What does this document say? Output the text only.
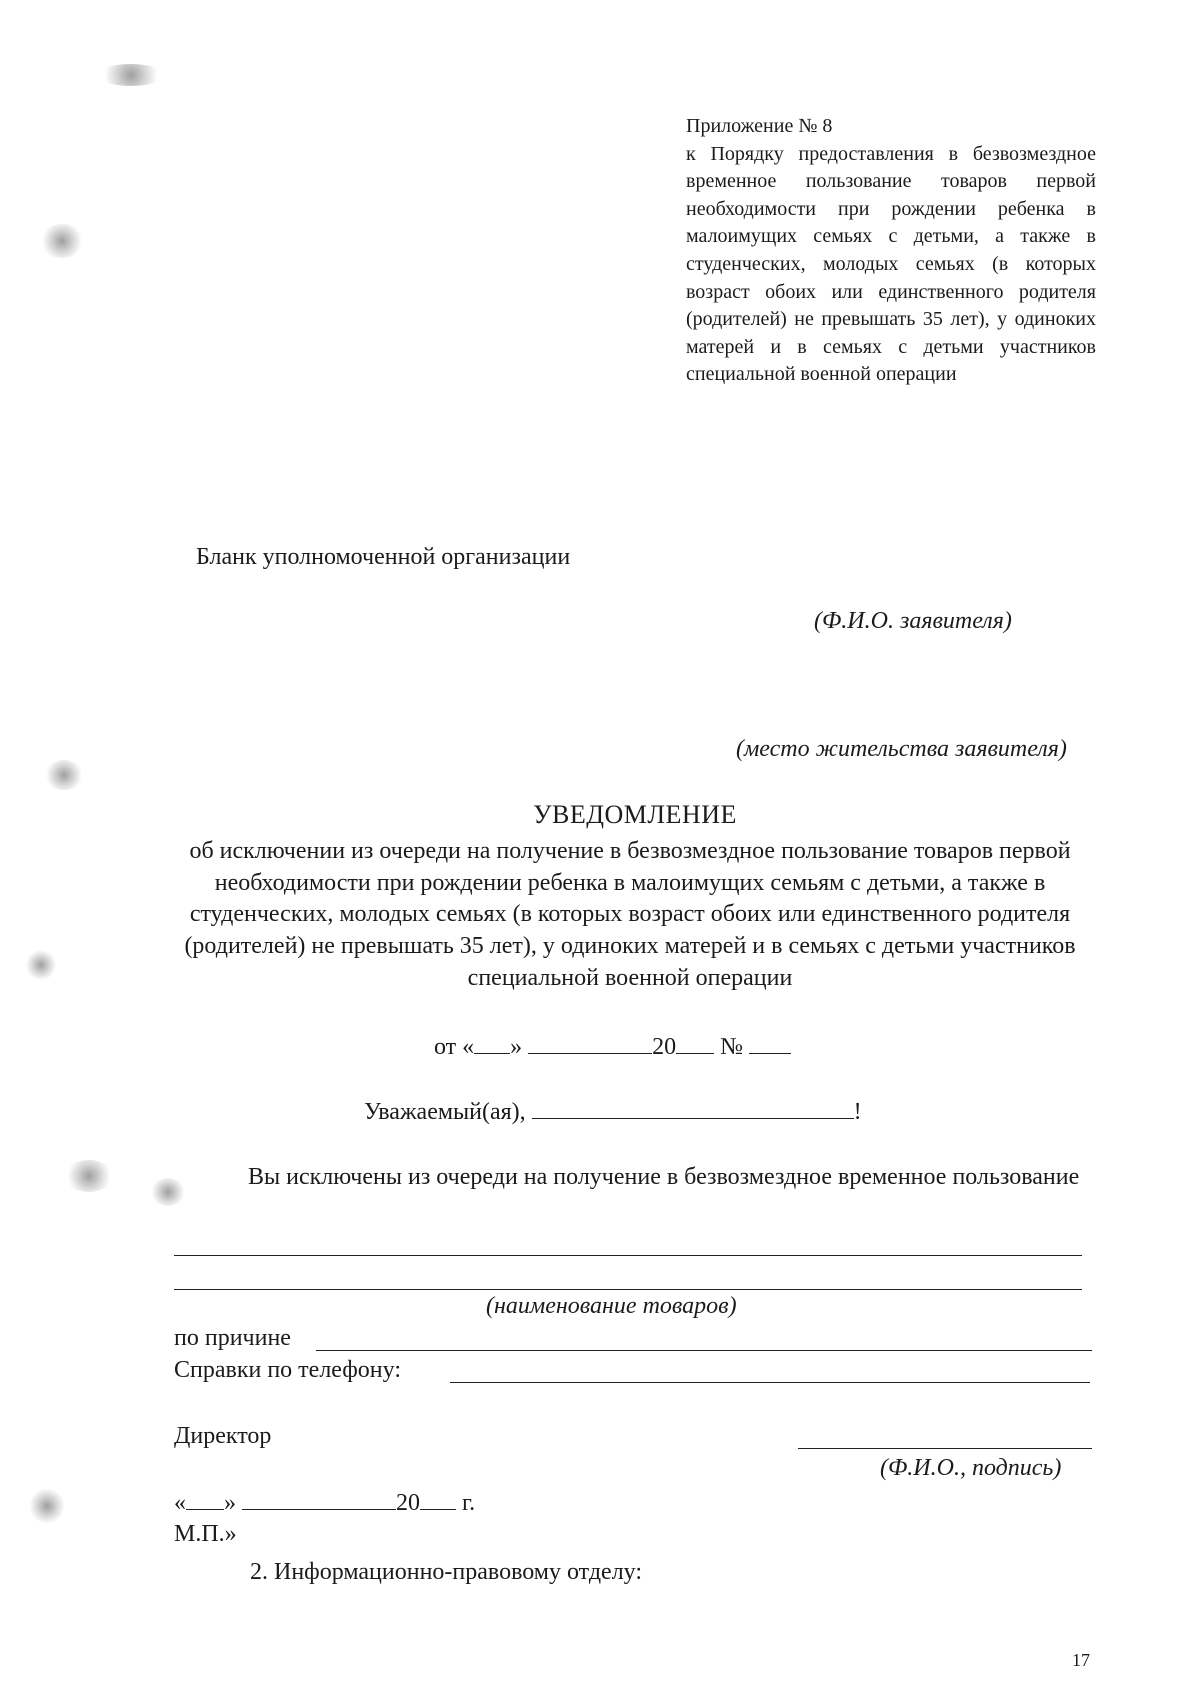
Приложение № 8
к Порядку предоставления в безвозмездное временное пользование товаров первой необходимости при рождении ребенка в малоимущих семьях с детьми, а также в студенческих, молодых семьях (в которых возраст обоих или единственного родителя (родителей) не превышать 35 лет), у одиноких матерей и в семьях с детьми участников специальной военной операции
Бланк уполномоченной организации
(Ф.И.О. заявителя)
(место жительства заявителя)
УВЕДОМЛЕНИЕ
об исключении из очереди на получение в безвозмездное пользование товаров первой необходимости при рождении ребенка в малоимущих семьям с детьми, а также в студенческих, молодых семьях (в которых возраст обоих или единственного родителя (родителей) не превышать 35 лет), у одиноких матерей и в семьях с детьми участников специальной военной операции
от « »	20 №
Уважаемый(ая),	!
Вы исключены из очереди на получение в безвозмездное временное пользование
(наименование товаров)
по причине
Справки по телефону:
Директор
(Ф.И.О., подпись)
« »	20 г.
М.П.»
2. Информационно-правовому отделу:
17
